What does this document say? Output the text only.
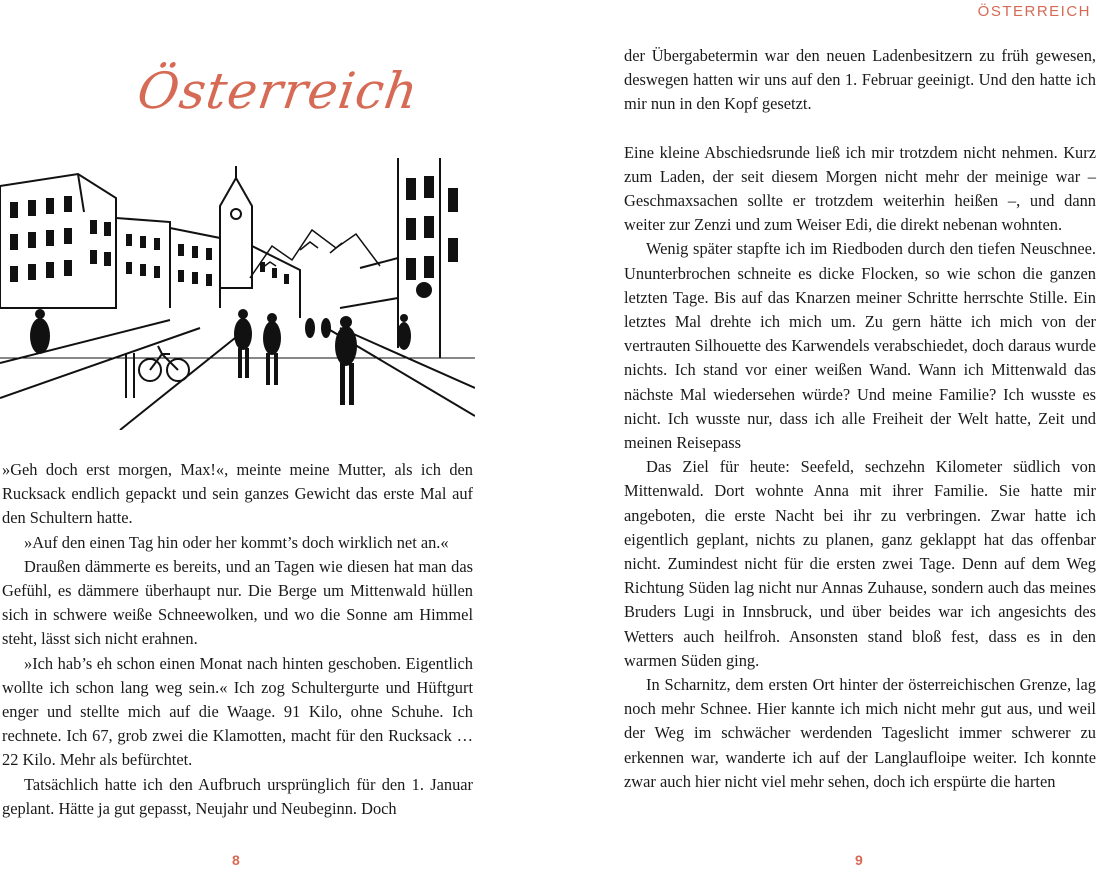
Österreich

»Geh doch erst morgen, Max!«, meinte meine Mutter, als ich den Rucksack endlich gepackt und sein ganzes Gewicht das erste Mal auf den Schultern hatte.

»Auf den einen Tag hin oder her kommt’s doch wirklich net an.«

Draußen dämmerte es bereits, und an Tagen wie diesen hat man das Gefühl, es dämmere überhaupt nur. Die Berge um Mittenwald hüllen sich in schwere weiße Schneewolken, und wo die Sonne am Himmel steht, lässt sich nicht erahnen.

»Ich hab’s eh schon einen Monat nach hinten geschoben. Eigentlich wollte ich schon lang weg sein.« Ich zog Schultergurte und Hüftgurt enger und stellte mich auf die Waage. 91 Kilo, ohne Schuhe. Ich rechnete. Ich 67, grob zwei die Klamotten, macht für den Rucksack … 22 Kilo. Mehr als befürchtet.

Tatsächlich hatte ich den Aufbruch ursprünglich für den 1. Januar geplant. Hätte ja gut gepasst, Neujahr und Neubeginn. Doch

8
ÖSTERREICH

der Übergabetermin war den neuen Ladenbesitzern zu früh gewesen, deswegen hatten wir uns auf den 1. Februar geeinigt. Und den hatte ich mir nun in den Kopf gesetzt.

Eine kleine Abschiedsrunde ließ ich mir trotzdem nicht nehmen. Kurz zum Laden, der seit diesem Morgen nicht mehr der meinige war – Geschmaxsachen sollte er trotzdem weiterhin heißen –, und dann weiter zur Zenzi und zum Weiser Edi, die direkt nebenan wohnten.

Wenig später stapfte ich im Riedboden durch den tiefen Neuschnee. Ununterbrochen schneite es dicke Flocken, so wie schon die ganzen letzten Tage. Bis auf das Knarzen meiner Schritte herrschte Stille. Ein letztes Mal drehte ich mich um. Zu gern hätte ich mich von der vertrauten Silhouette des Karwendels verabschiedet, doch daraus wurde nichts. Ich stand vor einer weißen Wand. Wann ich Mittenwald das nächste Mal wiedersehen würde? Und meine Familie? Ich wusste es nicht. Ich wusste nur, dass ich alle Freiheit der Welt hatte, Zeit und meinen Reisepass

Das Ziel für heute: Seefeld, sechzehn Kilometer südlich von Mittenwald. Dort wohnte Anna mit ihrer Familie. Sie hatte mir angeboten, die erste Nacht bei ihr zu verbringen. Zwar hatte ich eigentlich geplant, nichts zu planen, ganz geklappt hat das offenbar nicht. Zumindest nicht für die ersten zwei Tage. Denn auf dem Weg Richtung Süden lag nicht nur Annas Zuhause, sondern auch das meines Bruders Lugi in Innsbruck, und über beides war ich angesichts des Wetters auch heilfroh. Ansonsten stand bloß fest, dass es in den warmen Süden ging.

In Scharnitz, dem ersten Ort hinter der österreichischen Grenze, lag noch mehr Schnee. Hier kannte ich mich nicht mehr gut aus, und weil der Weg im schwächer werdenden Tageslicht immer schwerer zu erkennen war, wanderte ich auf der Langlaufloipe weiter. Ich konnte zwar auch hier nicht viel mehr sehen, doch ich erspürte die harten

9
